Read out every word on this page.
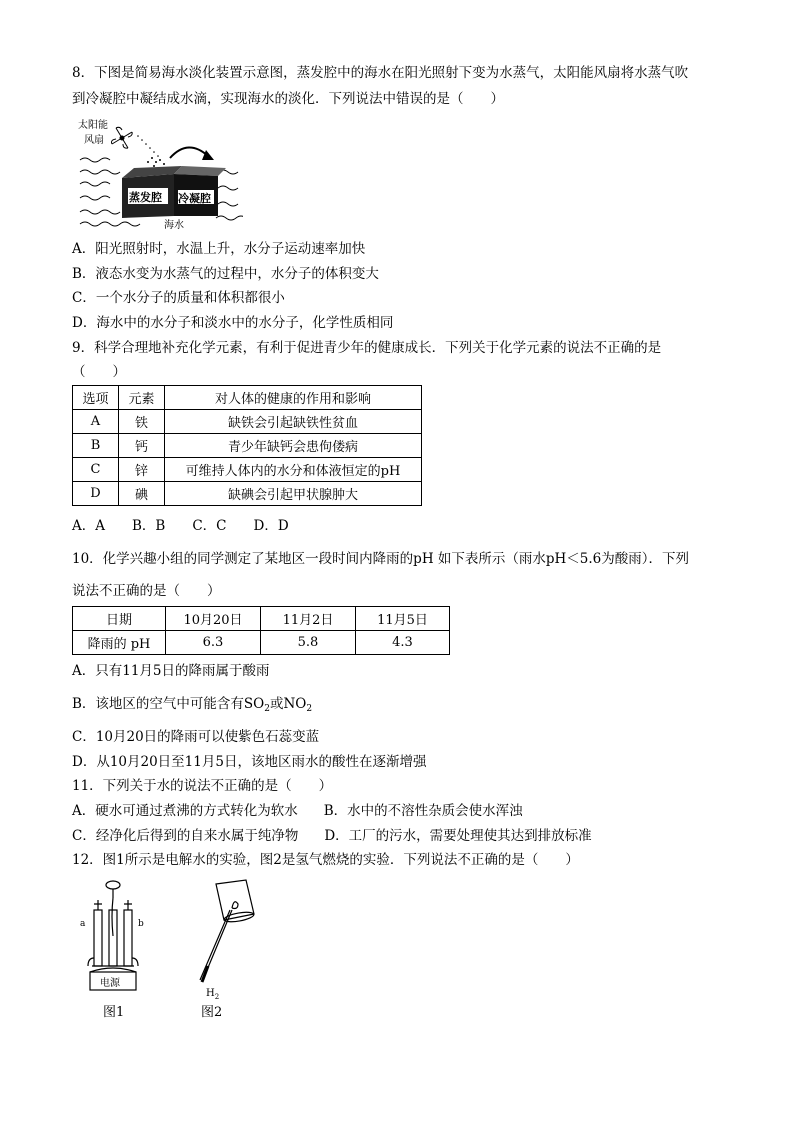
8．下图是简易海水淡化装置示意图，蒸发腔中的海水在阳光照射下变为水蒸气，太阳能风扇将水蒸气吹
到冷凝腔中凝结成水滴，实现海水的淡化．下列说法中错误的是（　　）
太阳能
风扇
蒸发腔 冷凝腔
海水
A．阳光照射时，水温上升，水分子运动速率加快
B．液态水变为水蒸气的过程中，水分子的体积变大
C．一个水分子的质量和体积都很小
D．海水中的水分子和淡水中的水分子，化学性质相同
9．科学合理地补充化学元素，有利于促进青少年的健康成长．下列关于化学元素的说法不正确的是
（　　）
选项	元素	对人体的健康的作用和影响
A	铁	缺铁会引起缺铁性贫血
B	钙	青少年缺钙会患佝偻病
C	锌	可维持人体内的水分和体液恒定的pH
D	碘	缺碘会引起甲状腺肿大
A．A　　B．B　　C．C　　D．D
10．化学兴趣小组的同学测定了某地区一段时间内降雨的pH 如下表所示（雨水pH＜5.6为酸雨）．下列
说法不正确的是（　　）
日期	10月20日	11月2日	11月5日
降雨的 pH	6.3	5.8	4.3
A．只有11月5日的降雨属于酸雨
B．该地区的空气中可能含有$SO_2$或$NO_2$
C．10月20日的降雨可以使紫色石蕊变蓝
D．从10月20日至11月5日，该地区雨水的酸性在逐渐增强
11．下列关于水的说法不正确的是（　　）
A．硬水可通过煮沸的方式转化为软水 B．水中的不溶性杂质会使水浑浊
C．经净化后得到的自来水属于纯净物 D．工厂的污水，需要处理使其达到排放标准
12．图1所示是电解水的实验，图2是氢气燃烧的实验．下列说法不正确的是（　　）
a	b
电源
图1
$H_2$
图2
